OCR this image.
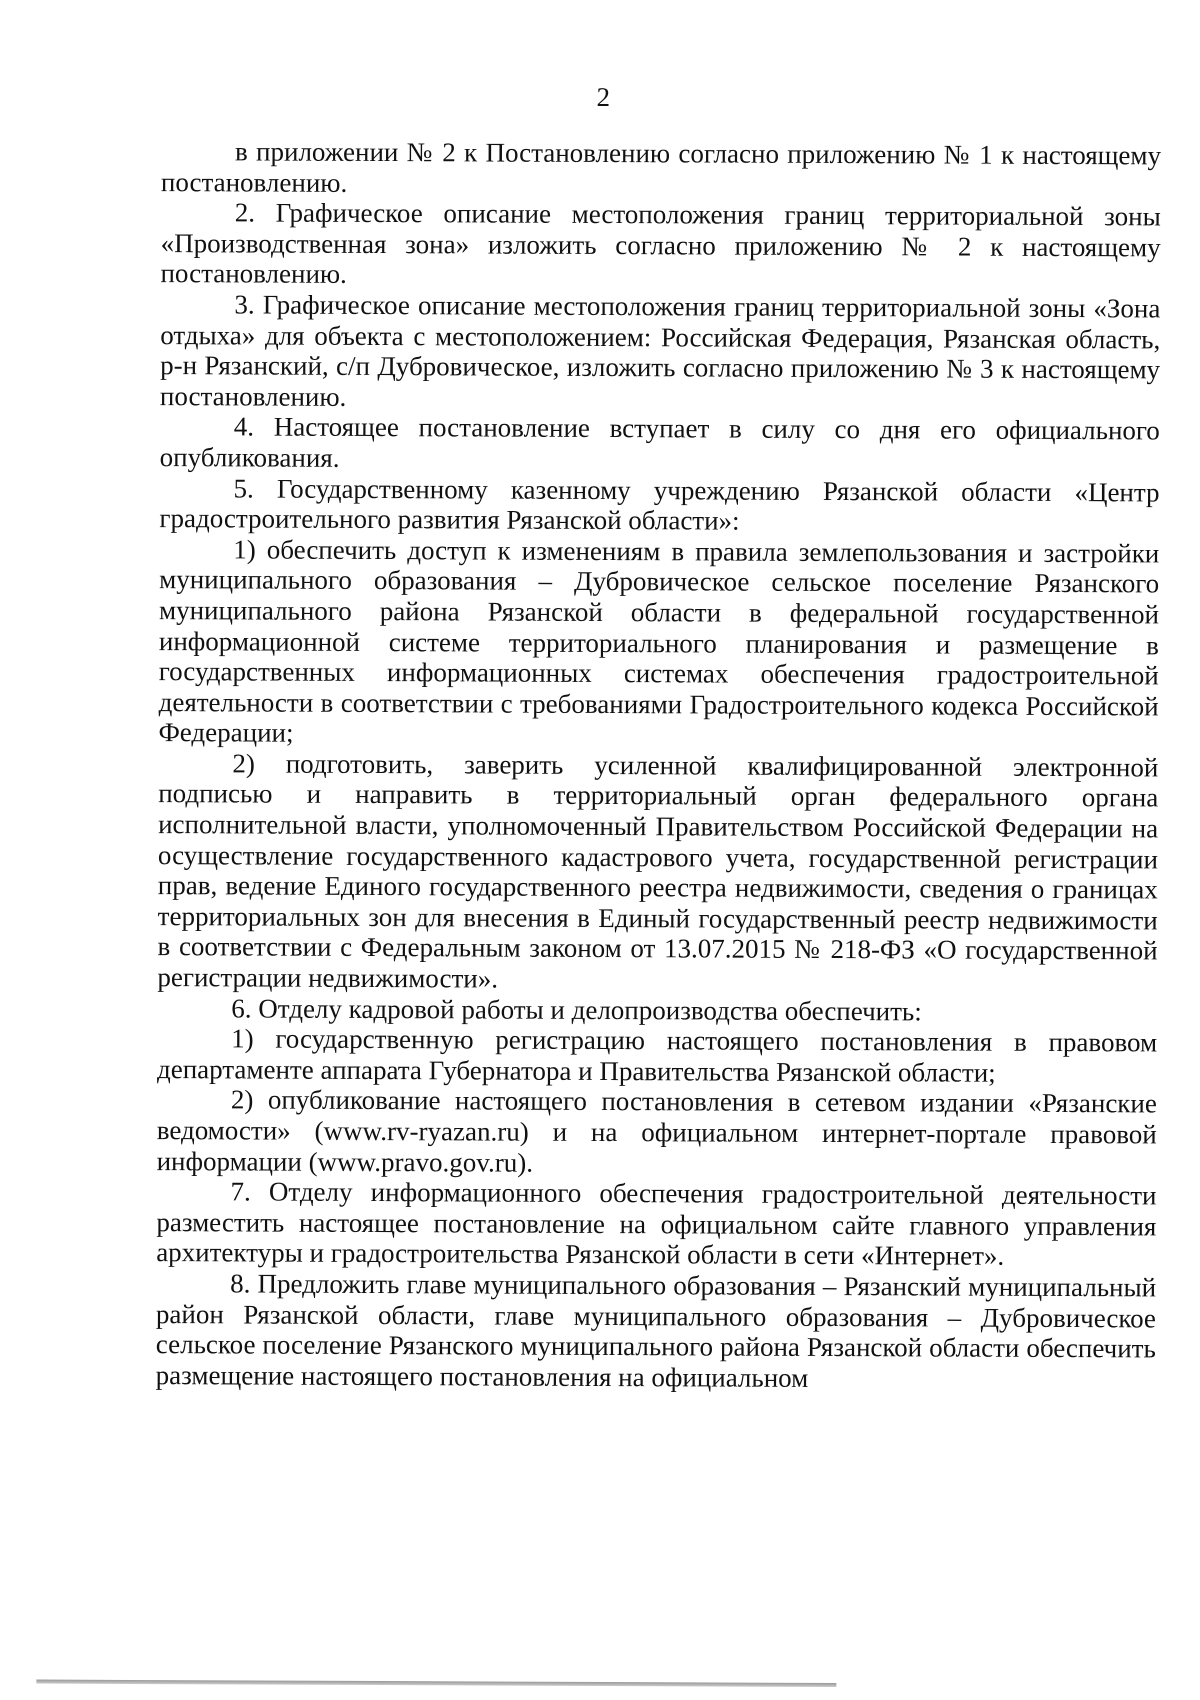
2

в приложении № 2 к Постановлению согласно приложению № 1 к настоящему постановлению.

2. Графическое описание местоположения границ территориальной зоны «Производственная зона» изложить согласно приложению № 2 к настоящему постановлению.

3. Графическое описание местоположения границ территориальной зоны «Зона отдыха» для объекта с местоположением: Российская Федерация, Рязанская область, р-н Рязанский, с/п Дубровическое, изложить согласно приложению № 3 к настоящему постановлению.

4. Настоящее постановление вступает в силу со дня его официального опубликования.

5. Государственному казенному учреждению Рязанской области «Центр градостроительного развития Рязанской области»:

1) обеспечить доступ к изменениям в правила землепользования и застройки муниципального образования – Дубровическое сельское поселение Рязанского муниципального района Рязанской области в федеральной государственной информационной системе территориального планирования и размещение в государственных информационных системах обеспечения градостроительной деятельности в соответствии с требованиями Градостроительного кодекса Российской Федерации;

2) подготовить, заверить усиленной квалифицированной электронной подписью и направить в территориальный орган федерального органа исполнительной власти, уполномоченный Правительством Российской Федерации на осуществление государственного кадастрового учета, государственной регистрации прав, ведение Единого государственного реестра недвижимости, сведения о границах территориальных зон для внесения в Единый государственный реестр недвижимости в соответствии с Федеральным законом от 13.07.2015 № 218-ФЗ «О государственной регистрации недвижимости».

6. Отделу кадровой работы и делопроизводства обеспечить:

1) государственную регистрацию настоящего постановления в правовом департаменте аппарата Губернатора и Правительства Рязанской области;

2) опубликование настоящего постановления в сетевом издании «Рязанские ведомости» (www.rv-ryazan.ru) и на официальном интернет-портале правовой информации (www.pravo.gov.ru).

7. Отделу информационного обеспечения градостроительной деятельности разместить настоящее постановление на официальном сайте главного управления архитектуры и градостроительства Рязанской области в сети «Интернет».

8. Предложить главе муниципального образования – Рязанский муниципальный район Рязанской области, главе муниципального образования – Дубровическое сельское поселение Рязанского муниципального района Рязанской области обеспечить размещение настоящего постановления на официальном
